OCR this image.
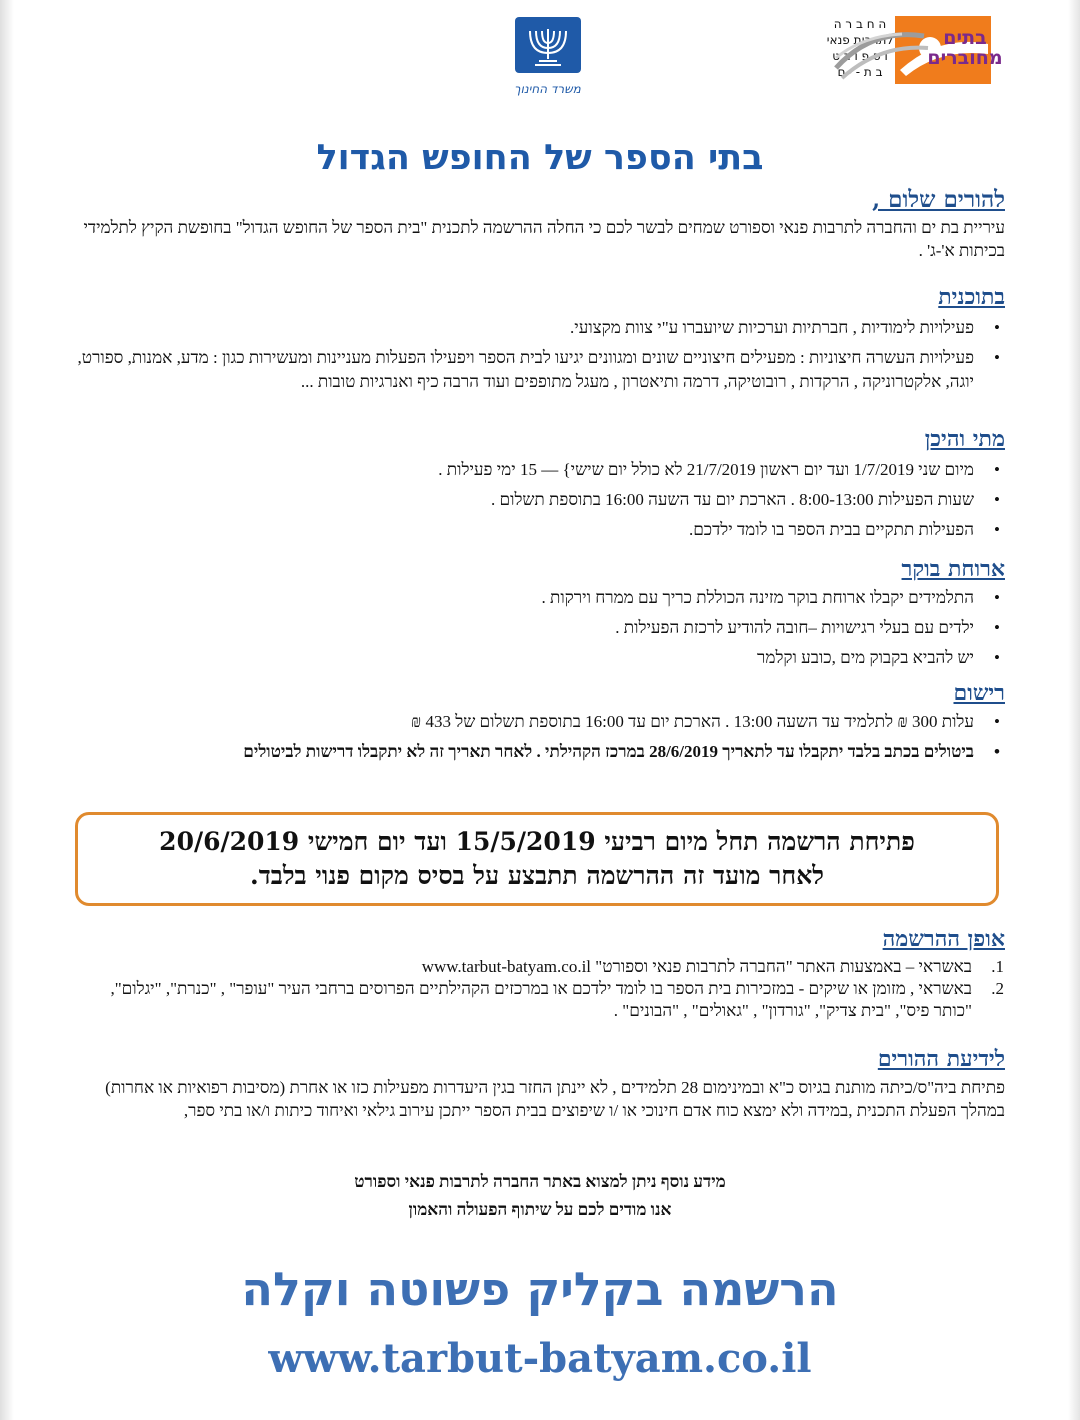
ה ח ב ר ה
לתרבות פנאי
ו ס פ ו ר ט
ב ת - י ם
משרד החינוך
בתים מחוברים
בתי הספר של החופש הגדול
להורים שלום ,
עיריית בת ים והחברה לתרבות פנאי וספורט שמחים לבשר לכם כי החלה ההרשמה לתכנית "בית הספר של החופש הגדול" בחופשת הקיץ לתלמידי בכיתות א'-ג' .
בתוכנית
• פעילויות לימודיות , חברתיות וערכיות שיועברו ע"י צוות מקצועי.
• פעילויות העשרה חיצוניות : מפעילים חיצוניים שונים ומגוונים יגיעו לבית הספר ויפעילו הפעלות מעניינות ומעשירות כגון : מדע, אמנות, ספורט, יוגה, אלקטרוניקה , הרקדות , רובוטיקה, דרמה ותיאטרון , מעגל מתופפים ועוד הרבה כיף ואנרגיות טובות ...
מתי והיכן
• מיום שני 1/7/2019 ועד יום ראשון 21/7/2019 לא כולל יום שישי} — 15 ימי פעילות .
• שעות הפעילות 8:00-13:00 . הארכת יום עד השעה 16:00 בתוספת תשלום .
• הפעילות תתקיים בבית הספר בו לומד ילדכם.
ארוחת בוקר
• התלמידים יקבלו ארוחת בוקר מזינה הכוללת כריך עם ממרח וירקות .
• ילדים עם בעלי רגישויות –חובה להודיע לרכזת הפעילות .
• יש להביא בקבוק מים ,כובע וקלמר
רישום
• עלות 300 ₪ לתלמיד עד השעה 13:00 . הארכת יום עד 16:00 בתוספת תשלום של 433 ₪
• ביטולים בכתב בלבד יתקבלו עד לתאריך 28/6/2019 במרכז הקהילתי . לאחר תאריך זה לא יתקבלו דרישות לביטולים
פתיחת הרשמה תחל מיום רביעי 15/5/2019 ועד יום חמישי 20/6/2019
לאחר מועד זה ההרשמה תתבצע על בסיס מקום פנוי בלבד.
אופן ההרשמה
1.
באשראי – באמצעות האתר "החברה לתרבות פנאי וספורט" www.tarbut-batyam.co.il
2.
באשראי , מזומן או שיקים - במזכירות בית הספר בו לומד ילדכם או במרכזים הקהילתיים הפרוסים ברחבי העיר "עופר" , "כנרת", "יגלום", "כותר פיס", "בית צדיק", "גורדון" , "גאולים" , "הבונים" .
לידיעת ההורים
פתיחת ביה"ס/כיתה מותנת בגיוס כ"א ובמינימום 28 תלמידים , לא יינתן החזר בגין היעדרות מפעילות כזו או אחרת (מסיבות רפואיות או אחרות) במהלך הפעלת התכנית ,במידה ולא ימצא כוח אדם חינוכי או /ו שיפוצים בבית הספר ייתכן עירוב גילאי ואיחוד כיתות ו/או בתי ספר,
מידע נוסף ניתן למצוא באתר החברה לתרבות פנאי וספורט
אנו מודים לכם על שיתוף הפעולה והאמון
הרשמה בקליק פשוטה וקלה
www.tarbut-batyam.co.il
